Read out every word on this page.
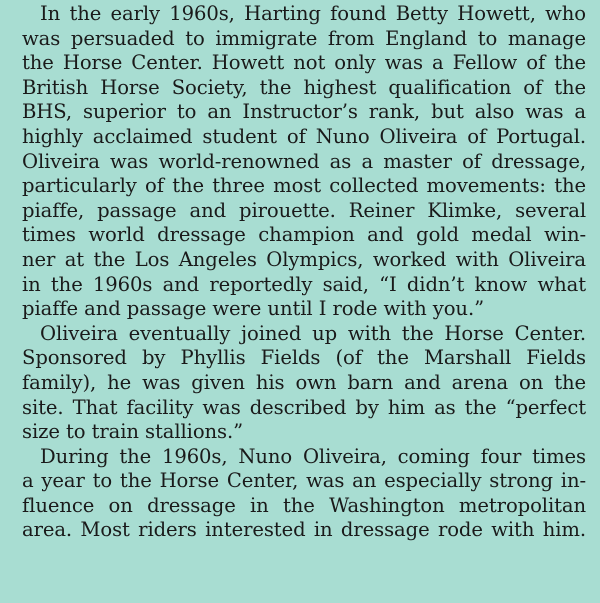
In the early 1960s, Harting found Betty Howett, who
was persuaded to immigrate from England to manage
the Horse Center. Howett not only was a Fellow of the
British Horse Society, the highest qualification of the
BHS, superior to an Instructor’s rank, but also was a
highly acclaimed student of Nuno Oliveira of Portugal.
Oliveira was world-renowned as a master of dressage,
particularly of the three most collected movements: the
piaffe, passage and pirouette. Reiner Klimke, several
times world dressage champion and gold medal win-
ner at the Los Angeles Olympics, worked with Oliveira
in the 1960s and reportedly said, “I didn’t know what
piaffe and passage were until I rode with you.”
Oliveira eventually joined up with the Horse Center.
Sponsored by Phyllis Fields (of the Marshall Fields
family), he was given his own barn and arena on the
site. That facility was described by him as the “perfect
size to train stallions.”
During the 1960s, Nuno Oliveira, coming four times
a year to the Horse Center, was an especially strong in-
fluence on dressage in the Washington metropolitan
area. Most riders interested in dressage rode with him.
